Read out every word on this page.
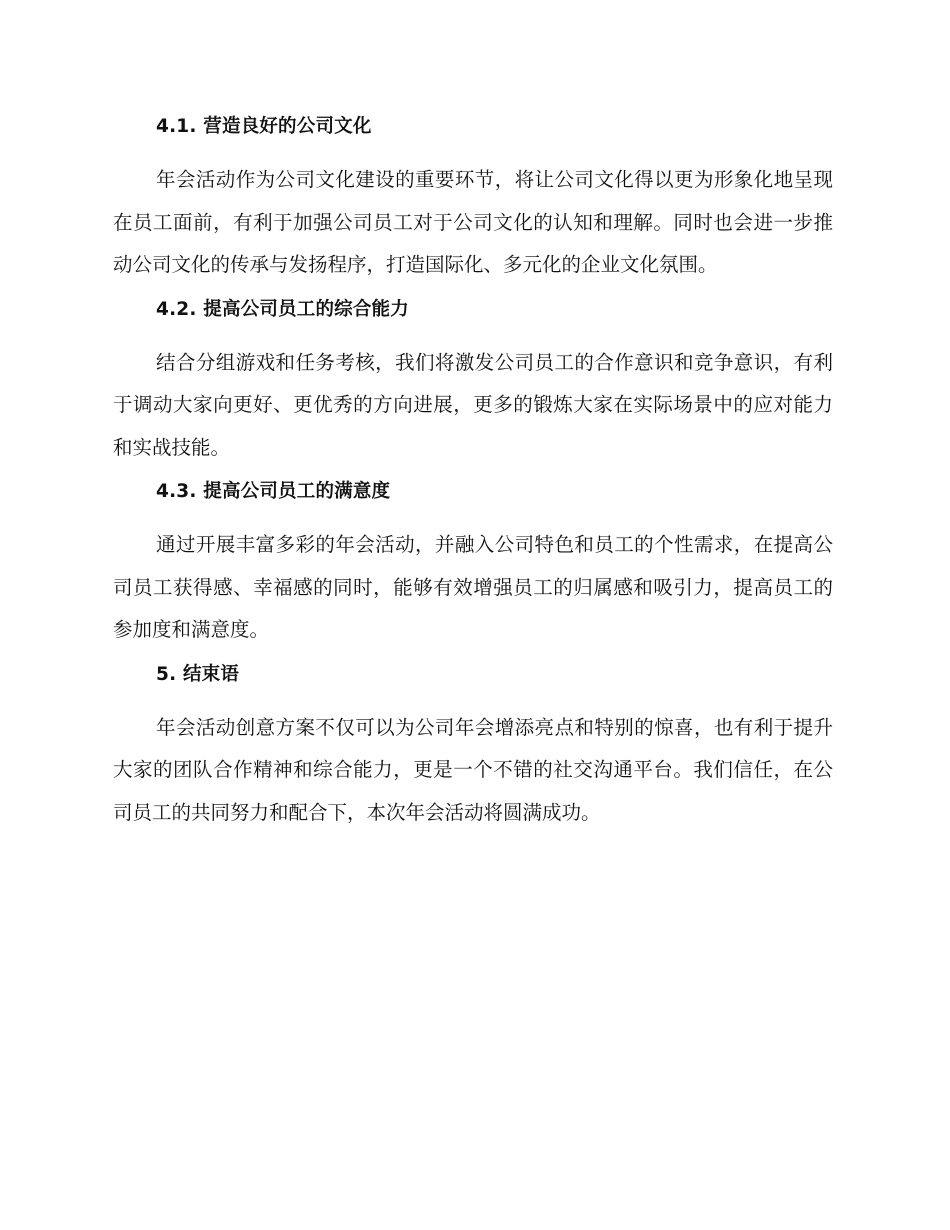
4.1. 营造良好的公司文化

年会活动作为公司文化建设的重要环节，将让公司文化得以更为形象化地呈现在员工面前，有利于加强公司员工对于公司文化的认知和理解。同时也会进一步推动公司文化的传承与发扬程序，打造国际化、多元化的企业文化氛围。

4.2. 提高公司员工的综合能力

结合分组游戏和任务考核，我们将激发公司员工的合作意识和竞争意识，有利于调动大家向更好、更优秀的方向进展，更多的锻炼大家在实际场景中的应对能力和实战技能。

4.3. 提高公司员工的满意度

通过开展丰富多彩的年会活动，并融入公司特色和员工的个性需求，在提高公司员工获得感、幸福感的同时，能够有效增强员工的归属感和吸引力，提高员工的参加度和满意度。

5. 结束语

年会活动创意方案不仅可以为公司年会增添亮点和特别的惊喜，也有利于提升大家的团队合作精神和综合能力，更是一个不错的社交沟通平台。我们信任，在公司员工的共同努力和配合下，本次年会活动将圆满成功。
